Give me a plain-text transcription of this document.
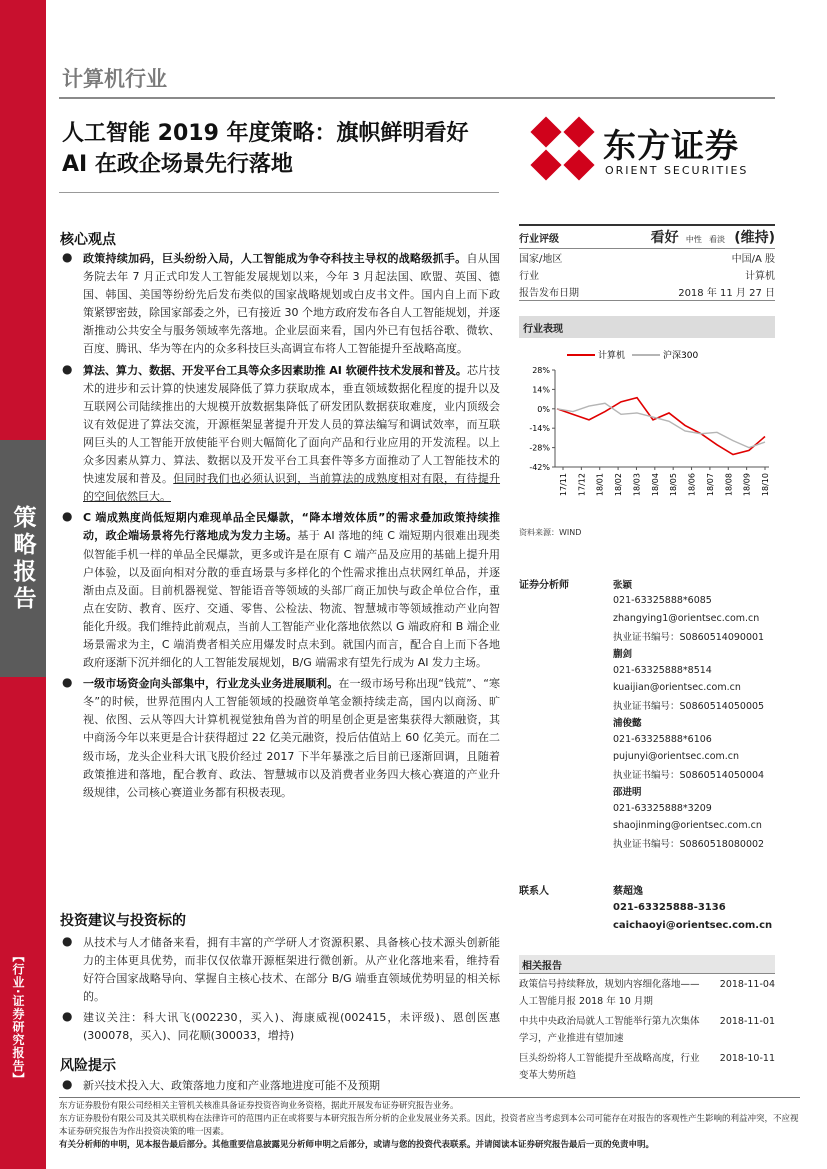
策略报告
【行业·证券研究报告】
计算机行业
人工智能 2019 年度策略：旗帜鲜明看好
AI 在政企场景先行落地	东方证券
ORIENT SECURITIES
核心观点
● 政策持续加码，巨头纷纷入局，人工智能成为争夺科技主导权的战略级抓手。自从国务院去年 7 月正式印发人工智能发展规划以来，今年 3 月起法国、欧盟、英国、德国、韩国、美国等纷纷先后发布类似的国家战略规划或白皮书文件。国内自上而下政策紧锣密鼓，除国家部委之外，已有接近 30 个地方政府发布各自人工智能规划，并逐渐推动公共安全与服务领域率先落地。企业层面来看，国内外已有包括谷歌、微软、百度、腾讯、华为等在内的众多科技巨头高调宣布将人工智能提升至战略高度。
● 算法、算力、数据、开发平台工具等众多因素助推 AI 软硬件技术发展和普及。芯片技术的进步和云计算的快速发展降低了算力获取成本，垂直领域数据化程度的提升以及互联网公司陆续推出的大规模开放数据集降低了研发团队数据获取难度，业内顶级会议有效促进了算法交流，开源框架显著提升开发人员的算法编写和调试效率，而互联网巨头的人工智能开放使能平台则大幅简化了面向产品和行业应用的开发流程。以上众多因素从算力、算法、数据以及开发平台工具套件等多方面推动了人工智能技术的快速发展和普及。但同时我们也必须认识到，当前算法的成熟度相对有限，有待提升的空间依然巨大。
● C 端成熟度尚低短期内难现单品全民爆款，“降本增效体质”的需求叠加政策持续推动，政企端场景将先行落地成为发力主场。基于 AI 落地的纯 C 端短期内很难出现类似智能手机一样的单品全民爆款，更多或许是在原有 C 端产品及应用的基础上提升用户体验，以及面向相对分散的垂直场景与多样化的个性需求推出点状网红单品，并逐渐由点及面。目前机器视觉、智能语音等领域的头部厂商正加快与政企单位合作，重点在安防、教育、医疗、交通、零售、公检法、物流、智慧城市等领域推动产业向智能化升级。我们维持此前观点，当前人工智能产业化落地依然以 G 端政府和 B 端企业场景需求为主，C 端消费者相关应用爆发时点未到。就国内而言，配合自上而下各地政府逐渐下沉并细化的人工智能发展规划，B/G 端需求有望先行成为 AI 发力主场。
● 一级市场资金向头部集中，行业龙头业务进展顺利。在一级市场号称出现“钱荒”、“寒冬”的时候，世界范围内人工智能领域的投融资单笔金额持续走高，国内以商汤、旷视、依图、云从等四大计算机视觉独角兽为首的明星创企更是密集获得大额融资，其中商汤今年以来更是合计获得超过 22 亿美元融资，投后估值站上 60 亿美元。而在二级市场，龙头企业科大讯飞股价经过 2017 下半年暴涨之后目前已逐渐回调，且随着政策推进和落地，配合教育、政法、智慧城市以及消费者业务四大核心赛道的产业升级规律，公司核心赛道业务都有积极表现。
投资建议与投资标的
● 从技术与人才储备来看，拥有丰富的产学研人才资源积累、具备核心技术源头创新能力的主体更具优势，而非仅仅依靠开源框架进行微创新。从产业化落地来看，维持看好符合国家战略导向、掌握自主核心技术、在部分 B/G 端垂直领域优势明显的相关标的。
● 建议关注：科大讯飞(002230，买入)、海康威视(002415，未评级)、恩创医惠(300078，买入)、同花顺(300033，增持)
风险提示
● 新兴技术投入大、政策落地力度和产业落地进度可能不及预期
行业评级	看好 中性 看淡 (维持)
国家/地区	中国/A 股
行业	计算机
报告发布日期	2018 年 11 月 27 日
行业表现
计算机	沪深300
28%
14%
0%
-14%
-28%
-42%
17/11 17/12 18/01 18/02 18/03 18/04 18/05 18/06 18/07 18/08 18/09 18/10
资料来源：WIND
证券分析师	张颖
021-63325888*6085
zhangying1@orientsec.com.cn
执业证书编号：S0860514090001
蒯剑
021-63325888*8514
kuaijian@orientsec.com.cn
执业证书编号：S0860514050005
浦俊懿
021-63325888*6106
pujunyi@orientsec.com.cn
执业证书编号：S0860514050004
邵进明
021-63325888*3209
shaojinming@orientsec.com.cn
执业证书编号：S0860518080002
联系人	蔡超逸
021-63325888-3136
caichaoyi@orientsec.com.cn
相关报告
政策信号持续释放，规划内容细化落地——人工智能月报 2018 年 10 月期
2018-11-04
中共中央政治局就人工智能举行第九次集体学习，产业推进有望加速
2018-11-01
巨头纷纷将人工智能提升至战略高度，行业变革大势所趋
2018-10-11
东方证券股份有限公司经相关主管机关核准具备证券投资咨询业务资格，据此开展发布证券研究报告业务。
东方证券股份有限公司及其关联机构在法律许可的范围内正在或将要与本研究报告所分析的企业发展业务关系。因此，投资者应当考虑到本公司可能存在对报告的客观性产生影响的利益冲突，不应视本证券研究报告为作出投资决策的唯一因素。
有关分析师的申明，见本报告最后部分。其他重要信息披露见分析师申明之后部分，或请与您的投资代表联系。并请阅读本证券研究报告最后一页的免责申明。
